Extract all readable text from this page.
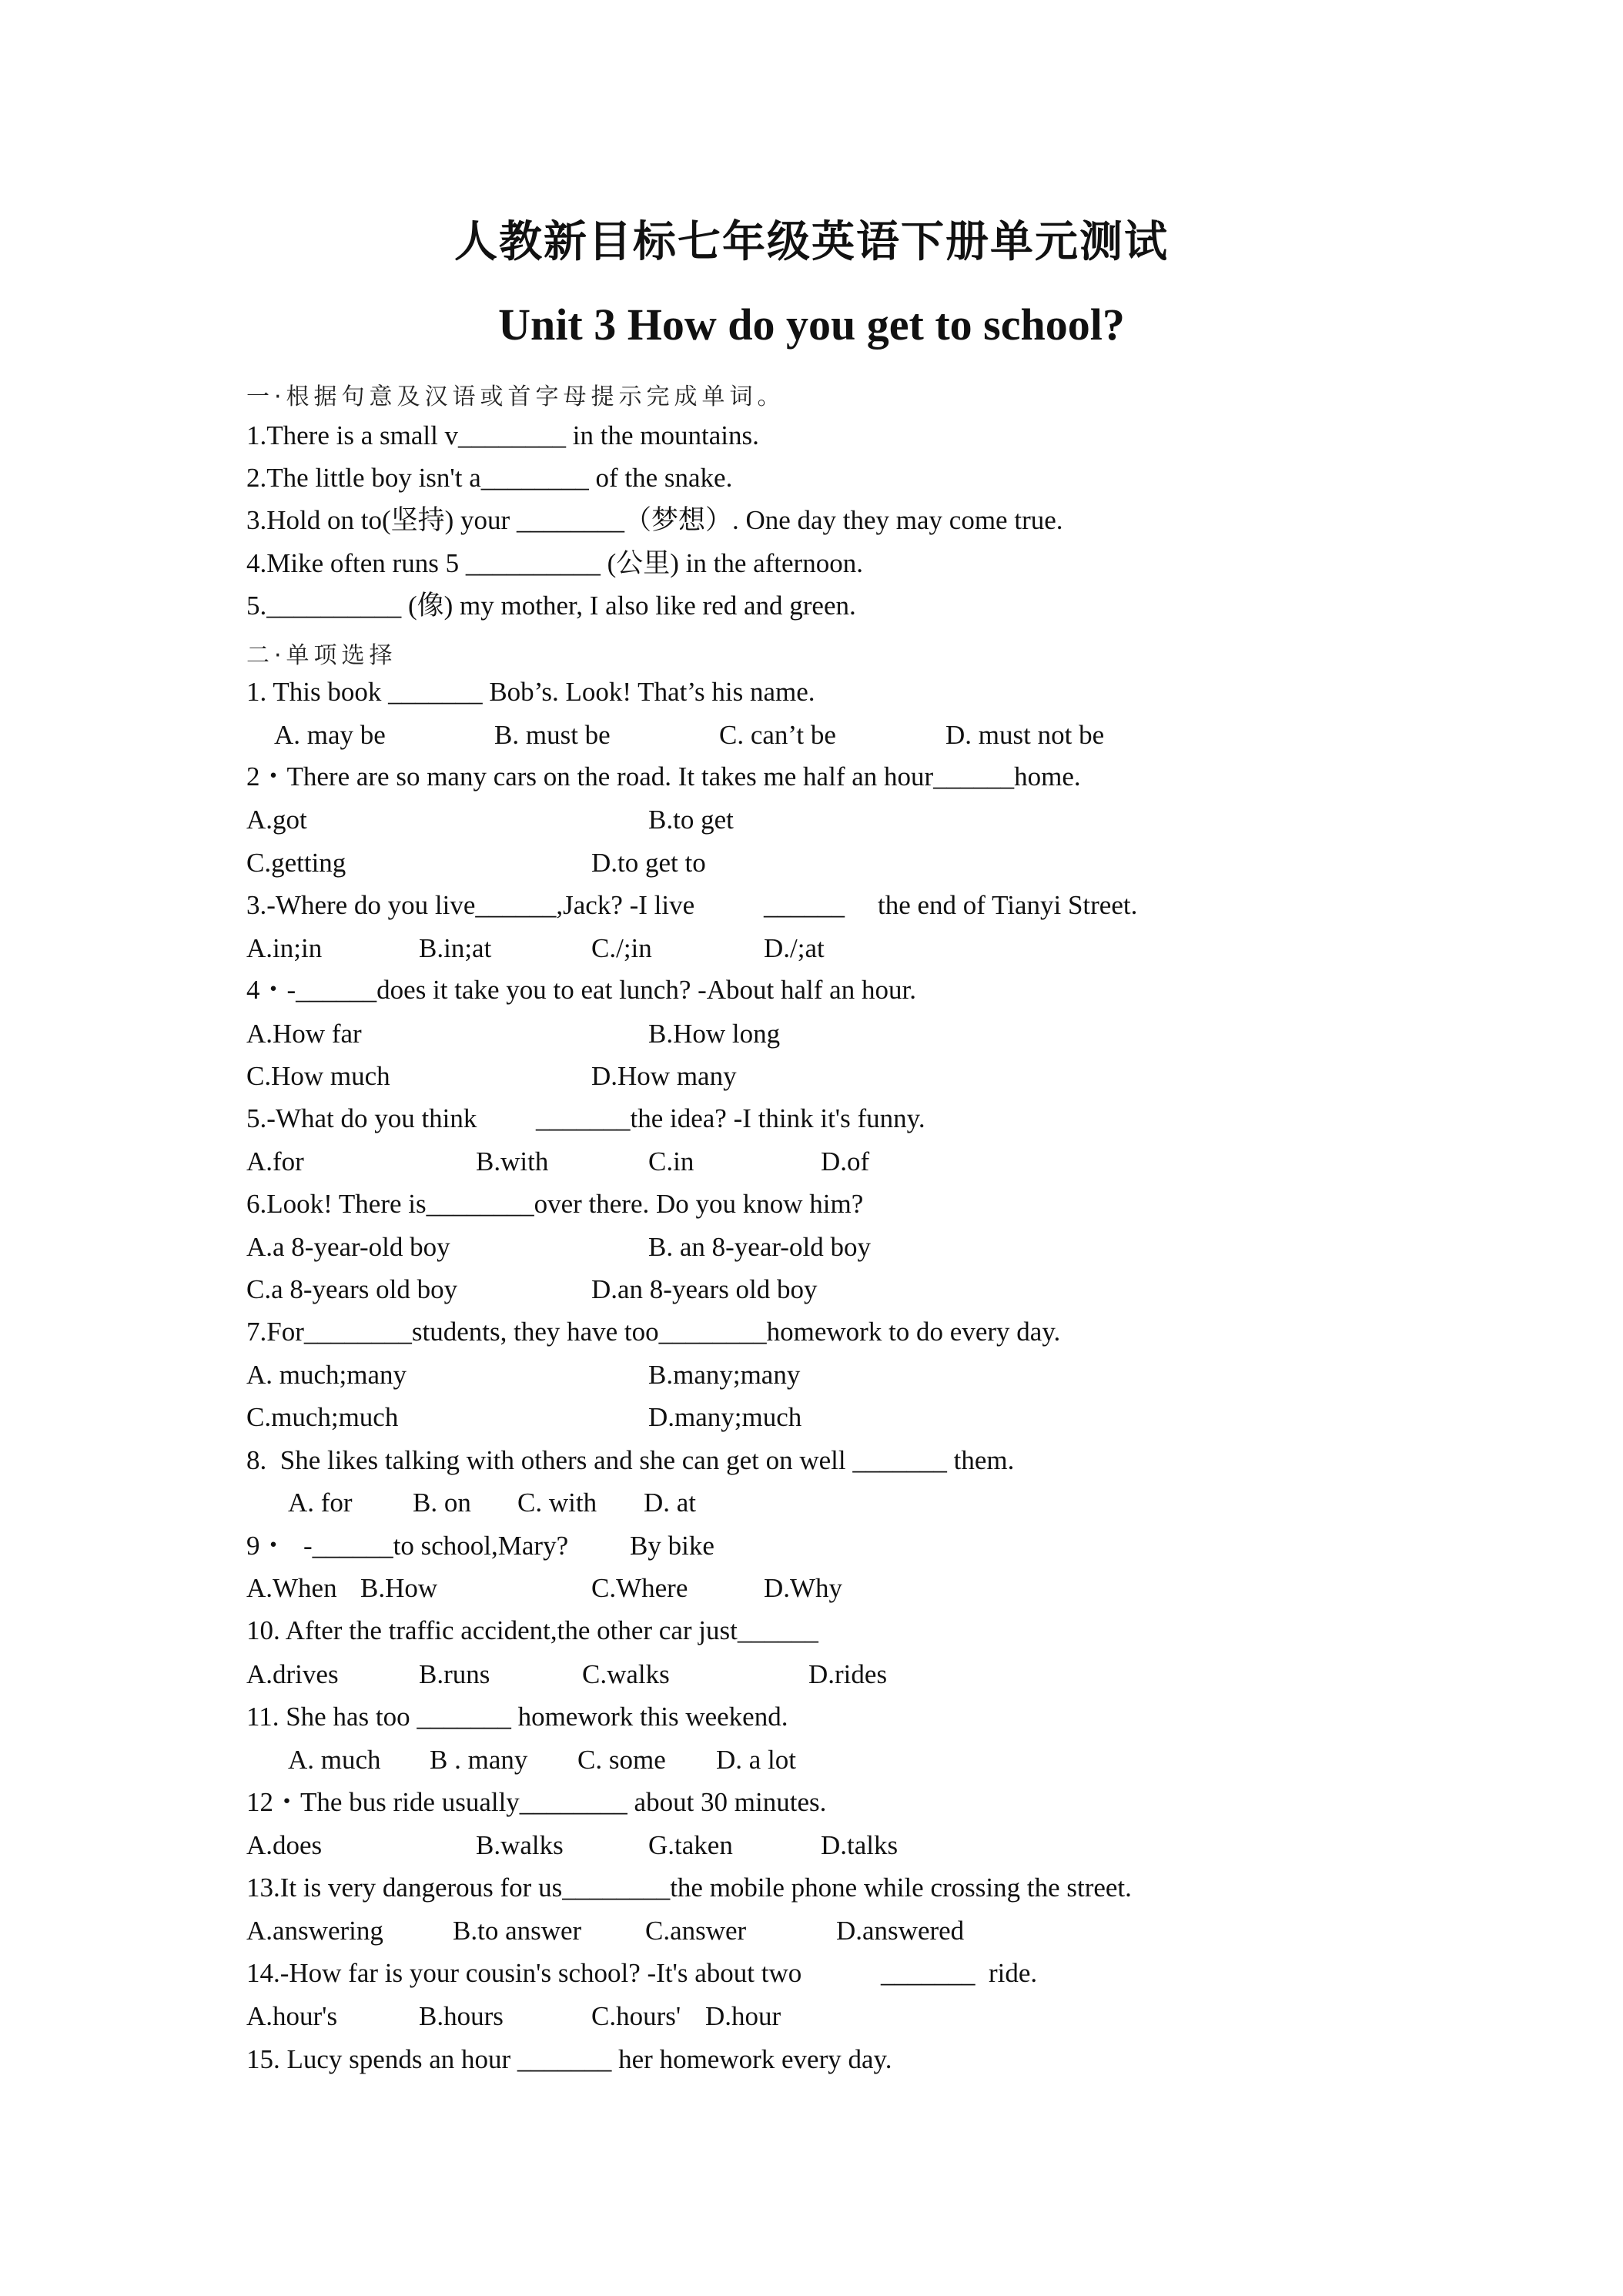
人教新目标七年级英语下册单元测试
Unit 3 How do you get to school?
一·根据句意及汉语或首字母提示完成单词。
1.There is a small v________ in the mountains.
2.The little boy isn't a________ of the snake.
3.Hold on to(坚持) your ________（梦想）. One day they may come true.
4.Mike often runs 5 __________ (公里) in the afternoon.
5.__________ (像) my mother, I also like red and green.
二·单项选择
1. This book _______ Bob’s. Look! That’s his name.

A. may be

	B. must be

	C. can’t be

	D. must not be

2・There are so many cars on the road. It takes me half an hour______home.

A.got

	B.to get

C.getting

	D.to get to

3.-Where do you live______,Jack? -I live

	______

the end of Tianyi Street.

A.in;in

	B.in;at

	C./;in

	D./;at

4・-______does it take you to eat lunch? -About half an hour.

A.How far

	B.How long

C.How much

	D.How many

5.-What do you think

_______the idea? -I think it's funny.

A.for

	B.with

	C.in

	D.of

6.Look! There is________over there. Do you know him?

A.a 8-year-old boy

	B. an 8-year-old boy

C.a 8-years old boy

	D.an 8-years old boy

7.For________students, they have too________homework to do every day.

A. much;many

	B.many;many

C.much;much

	D.many;much

8.  She likes talking with others and she can get on well _______ them.

A. for

B. on

C. with

D. at

9・

-______to school,Mary?

By bike

A.When

B.How

	C.Where

	D.Why

10. After the traffic accident,the other car just______

A.drives

	B.runs

	C.walks

	D.rides

11. She has too _______ homework this weekend.

A. much

B . many

C. some

D. a lot

12・The bus ride usually________ about 30 minutes.

A.does

	B.walks

	G.taken

	D.talks

13.It is very dangerous for us________the mobile phone while crossing the street.

A.answering

	B.to answer

C.answer

	D.answered

14.-How far is your cousin's school? -It's about two

	_______  ride.

A.hour's

	B.hours

	C.hours'

D.hour

15. Lucy spends an hour _______ her homework every day.
